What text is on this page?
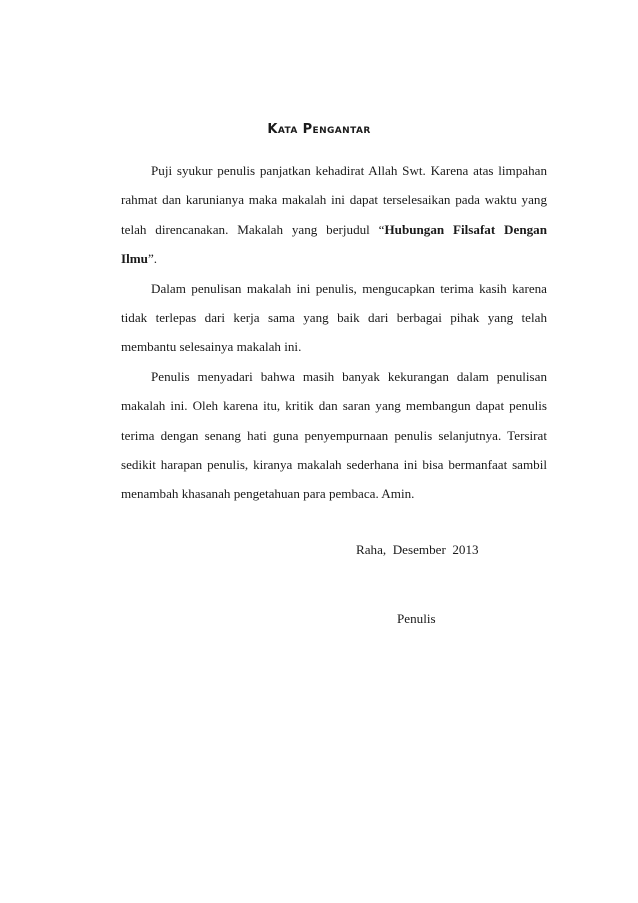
Kata Pengantar

Puji syukur penulis panjatkan kehadirat Allah Swt. Karena atas limpahan rahmat dan karunianya maka makalah ini dapat terselesaikan pada waktu yang telah direncanakan. Makalah yang berjudul “Hubungan Filsafat Dengan Ilmu”.

Dalam penulisan makalah ini penulis, mengucapkan terima kasih karena tidak terlepas dari kerja sama yang baik dari berbagai pihak yang telah membantu selesainya makalah ini.

Penulis menyadari bahwa masih banyak kekurangan dalam penulisan makalah ini. Oleh karena itu, kritik dan saran yang membangun dapat penulis terima dengan senang hati guna penyempurnaan penulis selanjutnya. Tersirat sedikit harapan penulis, kiranya makalah sederhana ini bisa bermanfaat sambil menambah khasanah pengetahuan para pembaca. Amin.

Raha,  Desember  2013
Penulis
